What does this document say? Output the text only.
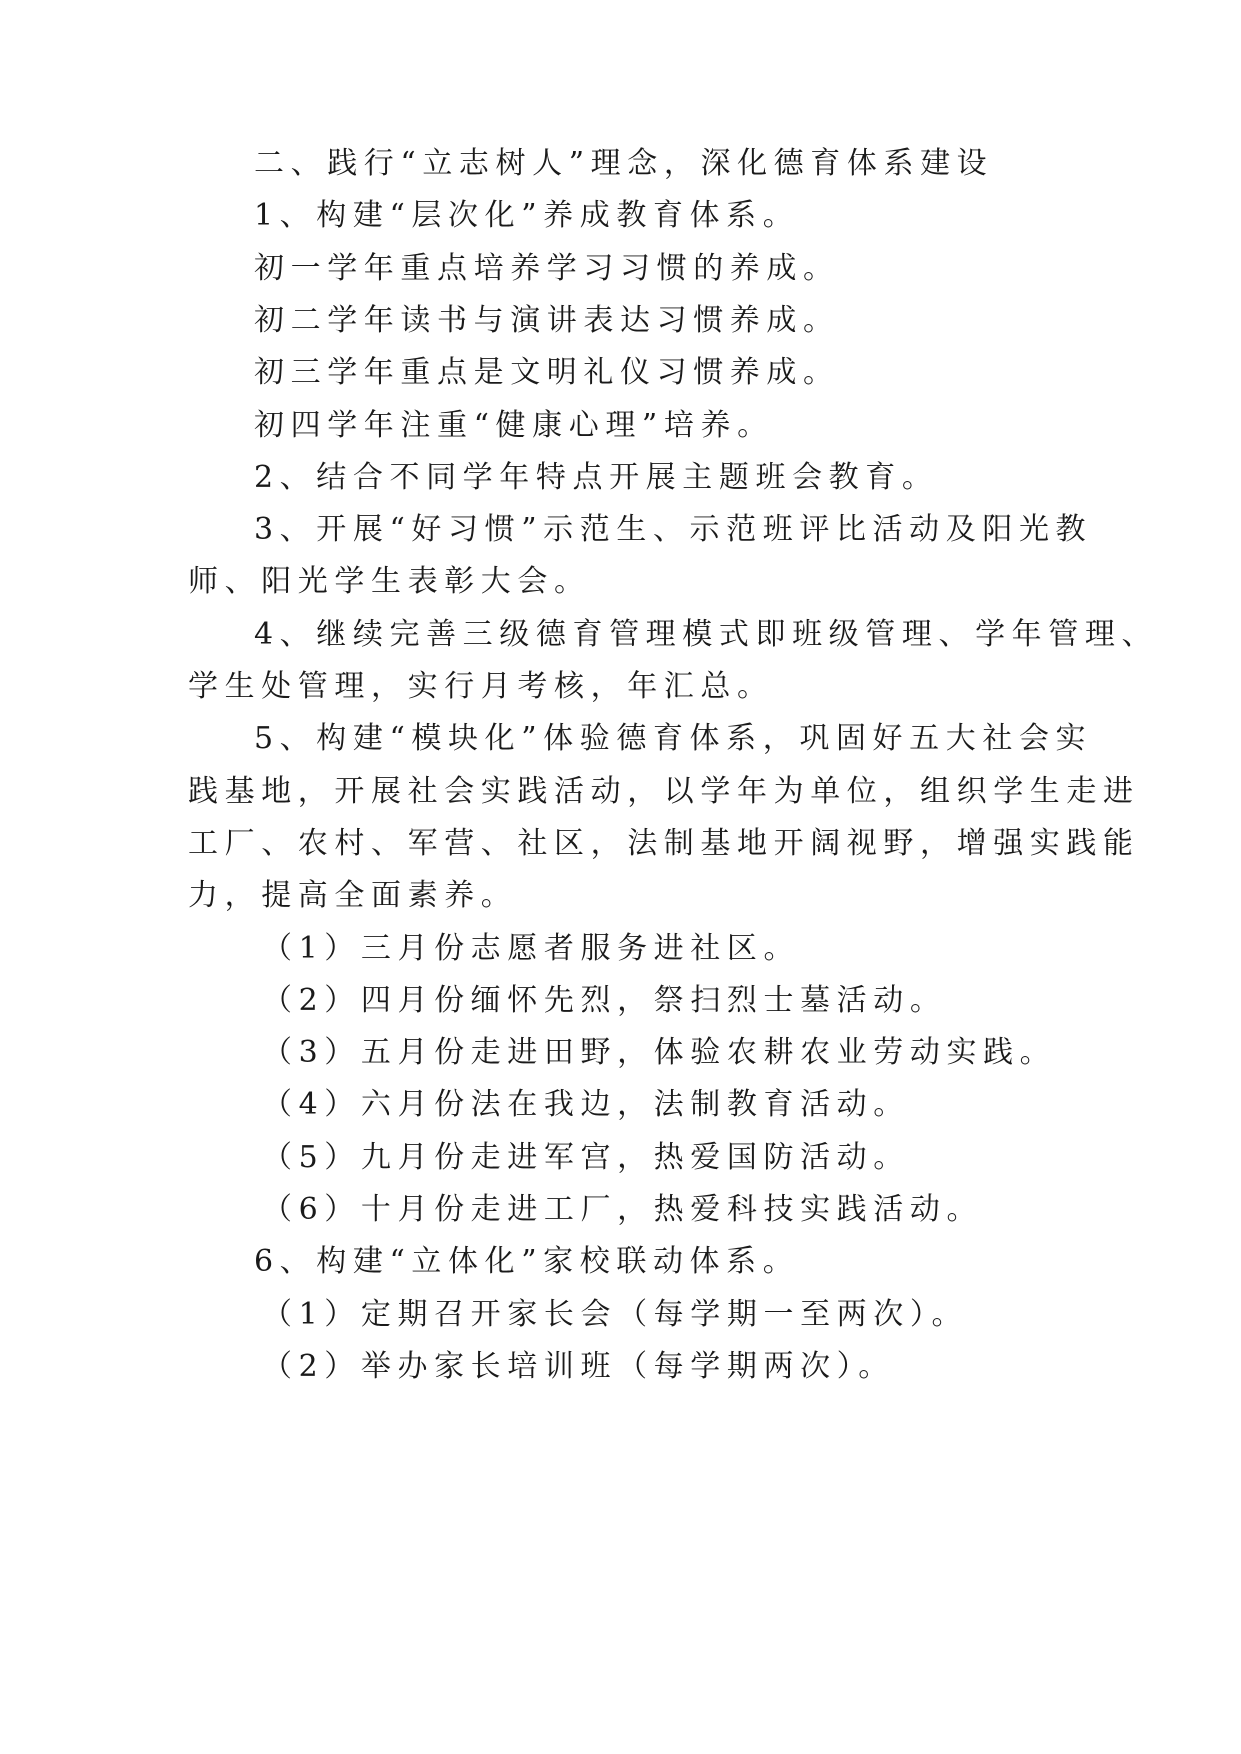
二、践行“立志树人”理念，深化德育体系建设
1、构建“层次化”养成教育体系。
初一学年重点培养学习习惯的养成。
初二学年读书与演讲表达习惯养成。
初三学年重点是文明礼仪习惯养成。
初四学年注重“健康心理”培养。
2、结合不同学年特点开展主题班会教育。
3、开展“好习惯”示范生、示范班评比活动及阳光教
师、阳光学生表彰大会。
4、继续完善三级德育管理模式即班级管理、学年管理、
学生处管理，实行月考核，年汇总。
5、构建“模块化”体验德育体系，巩固好五大社会实
践基地，开展社会实践活动，以学年为单位，组织学生走进
工厂、农村、军营、社区，法制基地开阔视野，增强实践能
力，提高全面素养。
（1）三月份志愿者服务进社区。
（2）四月份缅怀先烈，祭扫烈士墓活动。
（3）五月份走进田野，体验农耕农业劳动实践。
（4）六月份法在我边，法制教育活动。
（5）九月份走进军宫，热爱国防活动。
（6）十月份走进工厂，热爱科技实践活动。
6、构建“立体化”家校联动体系。
（1）定期召开家长会（每学期一至两次）。
（2）举办家长培训班（每学期两次）。
